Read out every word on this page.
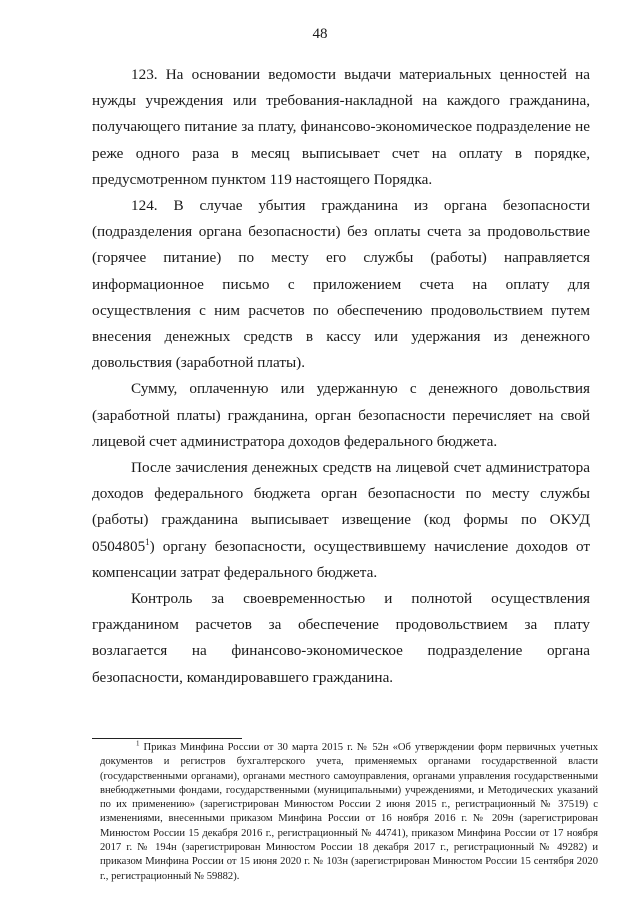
48

123. На основании ведомости выдачи материальных ценностей на нужды учреждения или требования-накладной на каждого гражданина, получающего питание за плату, финансово-экономическое подразделение не реже одного раза в месяц выписывает счет на оплату в порядке, предусмотренном пунктом 119 настоящего Порядка.

124. В случае убытия гражданина из органа безопасности (подразделения органа безопасности) без оплаты счета за продовольствие (горячее питание) по месту его службы (работы) направляется информационное письмо с приложением счета на оплату для осуществления с ним расчетов по обеспечению продовольствием путем внесения денежных средств в кассу или удержания из денежного довольствия (заработной платы).

Сумму, оплаченную или удержанную с денежного довольствия (заработной платы) гражданина, орган безопасности перечисляет на свой лицевой счет администратора доходов федерального бюджета.

После зачисления денежных средств на лицевой счет администратора доходов федерального бюджета орган безопасности по месту службы (работы) гражданина выписывает извещение (код формы по ОКУД 0504805$^1$) органу безопасности, осуществившему начисление доходов от компенсации затрат федерального бюджета.

Контроль за своевременностью и полнотой осуществления гражданином расчетов за обеспечение продовольствием за плату возлагается на финансово-экономическое подразделение органа безопасности, командировавшего гражданина.

$^1$ Приказ Минфина России от 30 марта 2015 г. № 52н «Об утверждении форм первичных учетных документов и регистров бухгалтерского учета, применяемых органами государственной власти (государственными органами), органами местного самоуправления, органами управления государственными внебюджетными фондами, государственными (муниципальными) учреждениями, и Методических указаний по их применению» (зарегистрирован Минюстом России 2 июня 2015 г., регистрационный № 37519) с изменениями, внесенными приказом Минфина России от 16 ноября 2016 г. № 209н (зарегистрирован Минюстом России 15 декабря 2016 г., регистрационный № 44741), приказом Минфина России от 17 ноября 2017 г. № 194н (зарегистрирован Минюстом России 18 декабря 2017 г., регистрационный № 49282) и приказом Минфина России от 15 июня 2020 г. № 103н (зарегистрирован Минюстом России 15 сентября 2020 г., регистрационный № 59882).
